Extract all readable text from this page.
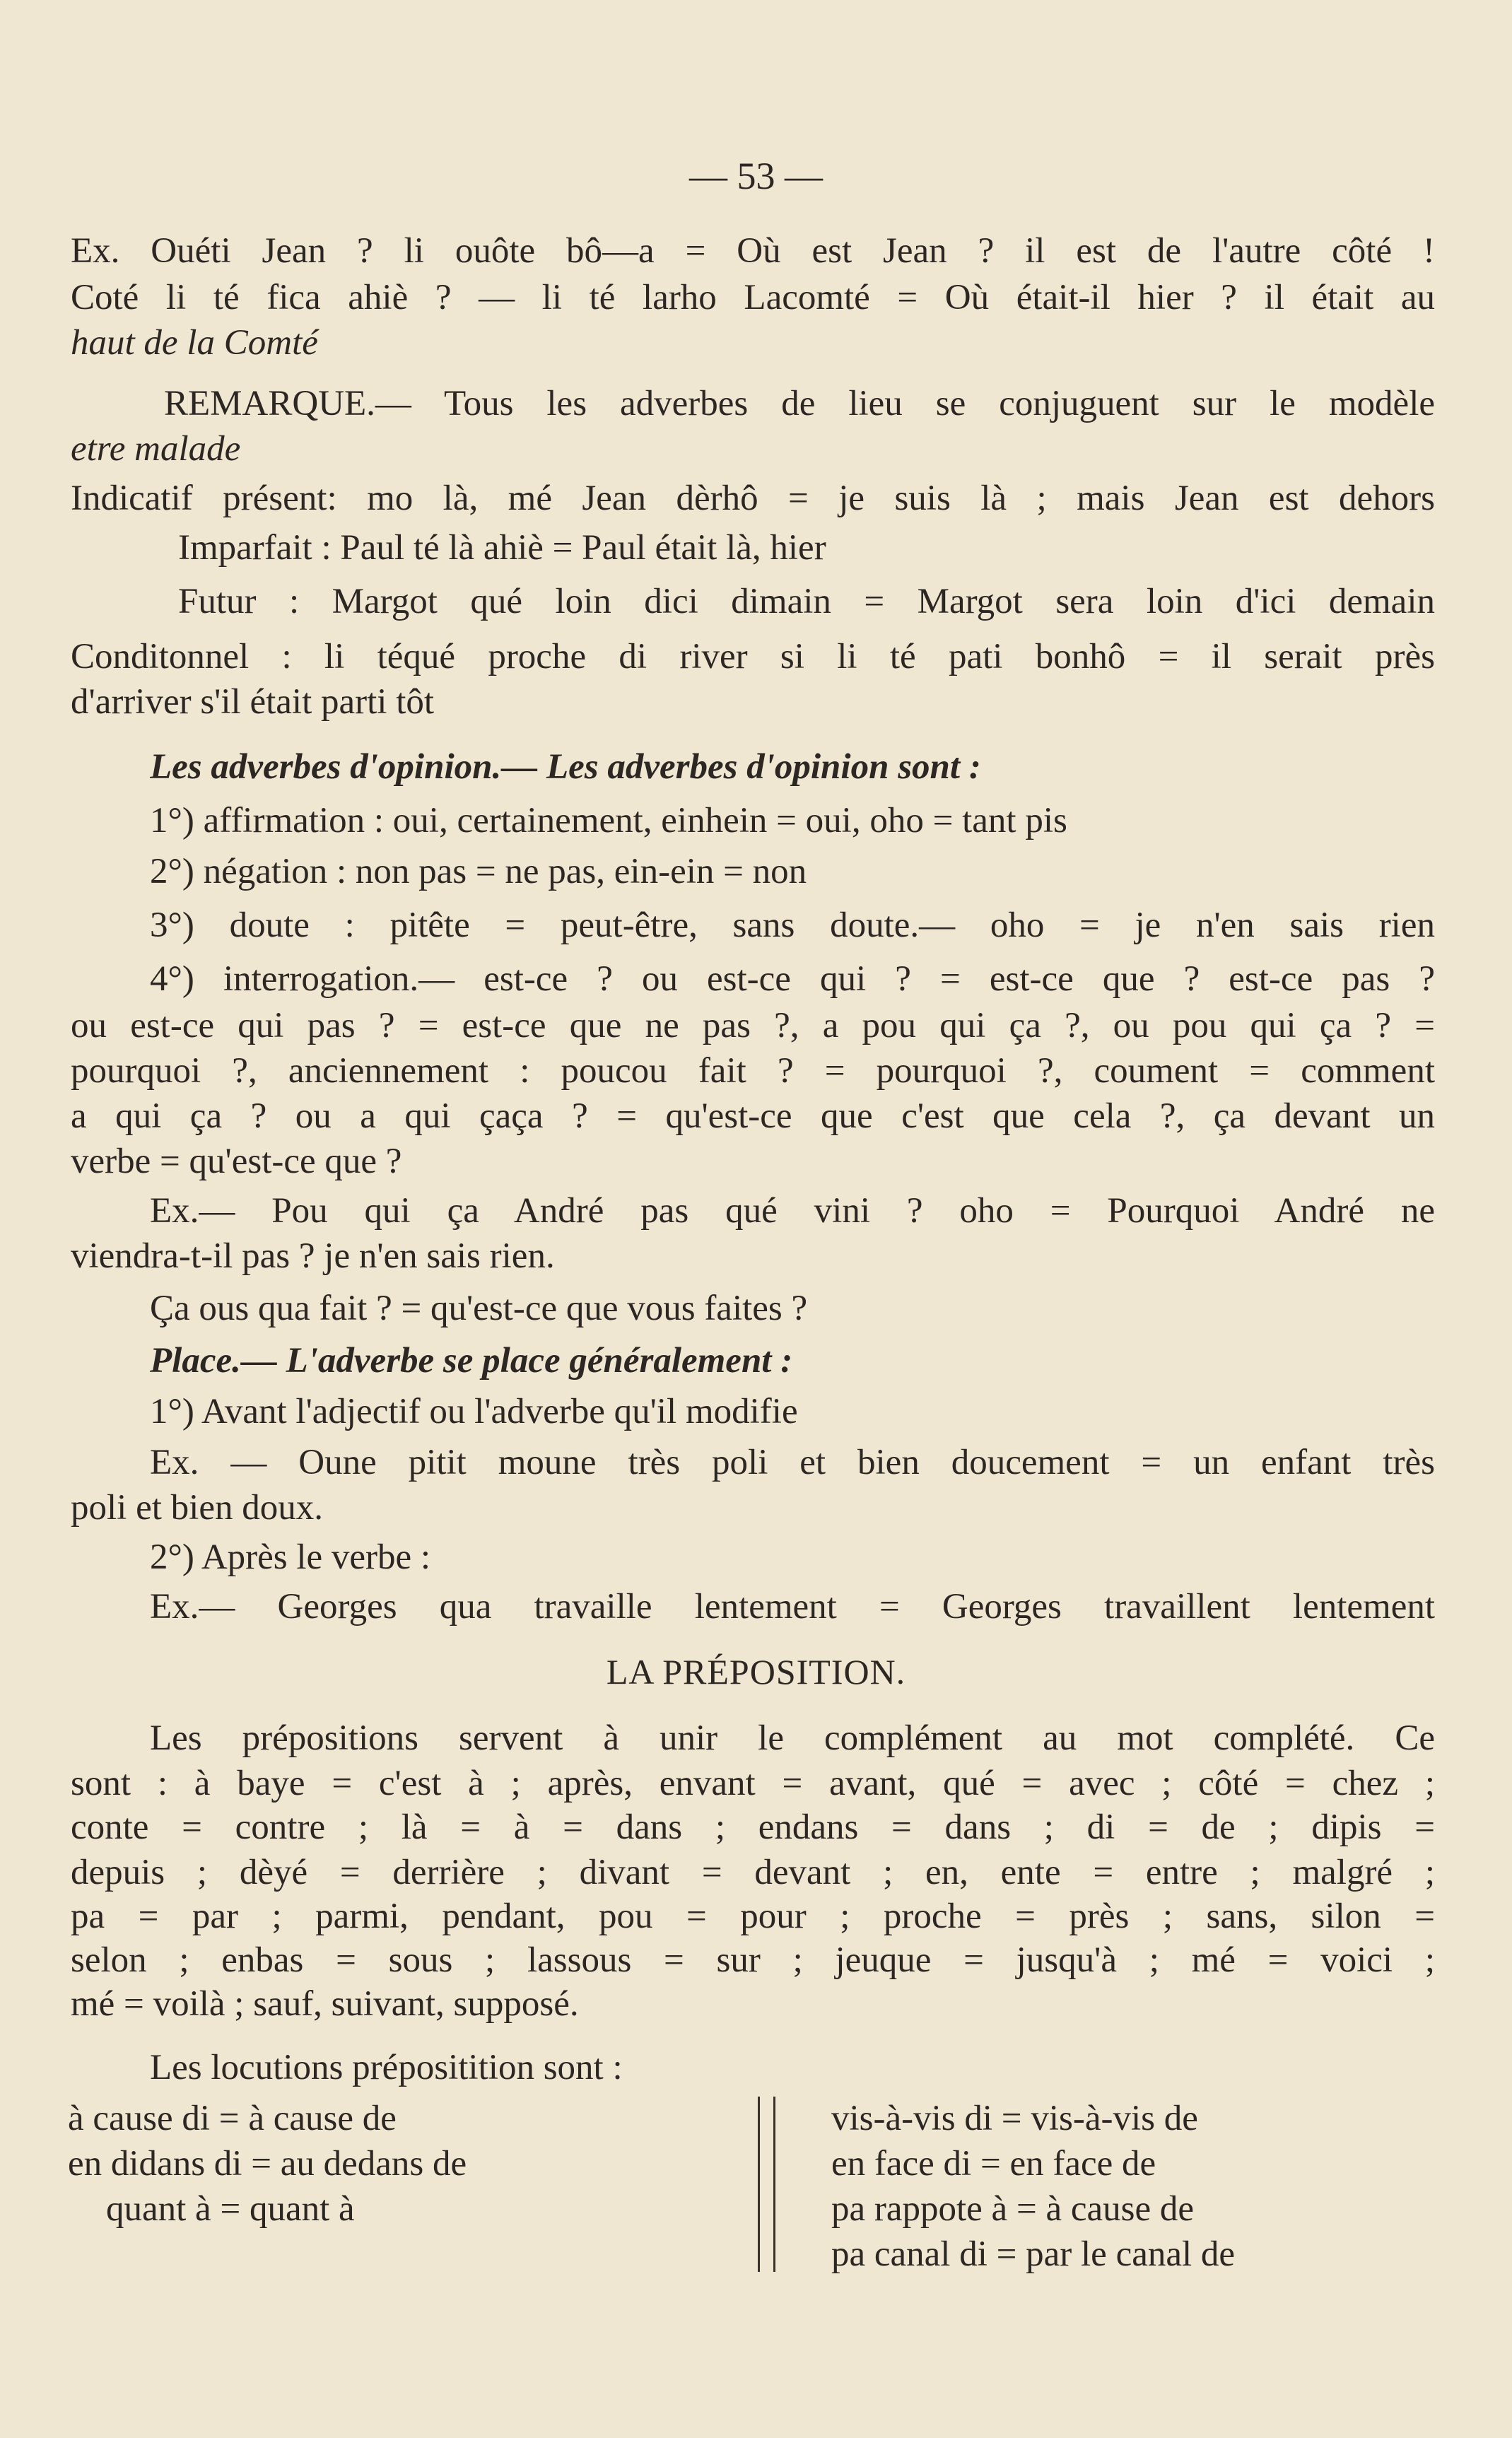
— 53 —
Ex. Ouéti Jean ? li ouôte bô—a = Où est Jean ? il est de l'autre côté !
Coté li té fica ahiè ? — li té larho Lacomté = Où était-il hier ? il était au
haut de la Comté
REMARQUE.— Tous les adverbes de lieu se conjuguent sur le modèle
etre malade
Indicatif présent: mo là, mé Jean dèrhô = je suis là ; mais Jean est dehors
Imparfait : Paul té là ahiè = Paul était là, hier
Futur : Margot qué loin dici dimain = Margot sera loin d'ici demain
Conditonnel : li téqué proche di river si li té pati bonhô = il serait près
d'arriver s'il était parti tôt
Les adverbes d'opinion.— Les adverbes d'opinion sont :
1°) affirmation : oui, certainement, einhein = oui, oho = tant pis
2°) négation : non pas = ne pas, ein-ein = non
3°) doute : pitête = peut-être, sans doute.— oho = je n'en sais rien
4°) interrogation.— est-ce ? ou est-ce qui ? = est-ce que ? est-ce pas ?
ou est-ce qui pas ? = est-ce que ne pas ?, a pou qui ça ?, ou pou qui ça ? =
pourquoi ?, anciennement : poucou fait ? = pourquoi ?, coument = comment
a qui ça ? ou a qui çaça ? = qu'est-ce que c'est que cela ?, ça devant un
verbe = qu'est-ce que ?
Ex.— Pou qui ça André pas qué vini ? oho = Pourquoi André ne
viendra-t-il pas ? je n'en sais rien.
Ça ous qua fait ? = qu'est-ce que vous faites ?
Place.— L'adverbe se place généralement :
1°) Avant l'adjectif ou l'adverbe qu'il modifie
Ex. — Oune pitit moune très poli et bien doucement = un enfant très
poli et bien doux.
2°) Après le verbe :
Ex.— Georges qua travaille lentement = Georges travaillent lentement
LA PRÉPOSITION.
Les prépositions servent à unir le complément au mot complété. Ce
sont : à baye = c'est à ; après, envant = avant, qué = avec ; côté = chez ;
conte = contre ; là = à = dans ; endans = dans ; di = de ; dipis =
depuis ; dèyé = derrière ; divant = devant ; en, ente = entre ; malgré ;
pa = par ; parmi, pendant, pou = pour ; proche = près ; sans, silon =
selon ; enbas = sous ; lassous = sur ; jeuque = jusqu'à ; mé = voici ;
mé = voilà ; sauf, suivant, supposé.
Les locutions prépositition sont :
à cause di = à cause de
en didans di = au dedans de
quant à = quant à
vis-à-vis di = vis-à-vis de
en face di = en face de
pa rappote à = à cause de
pa canal di = par le canal de
